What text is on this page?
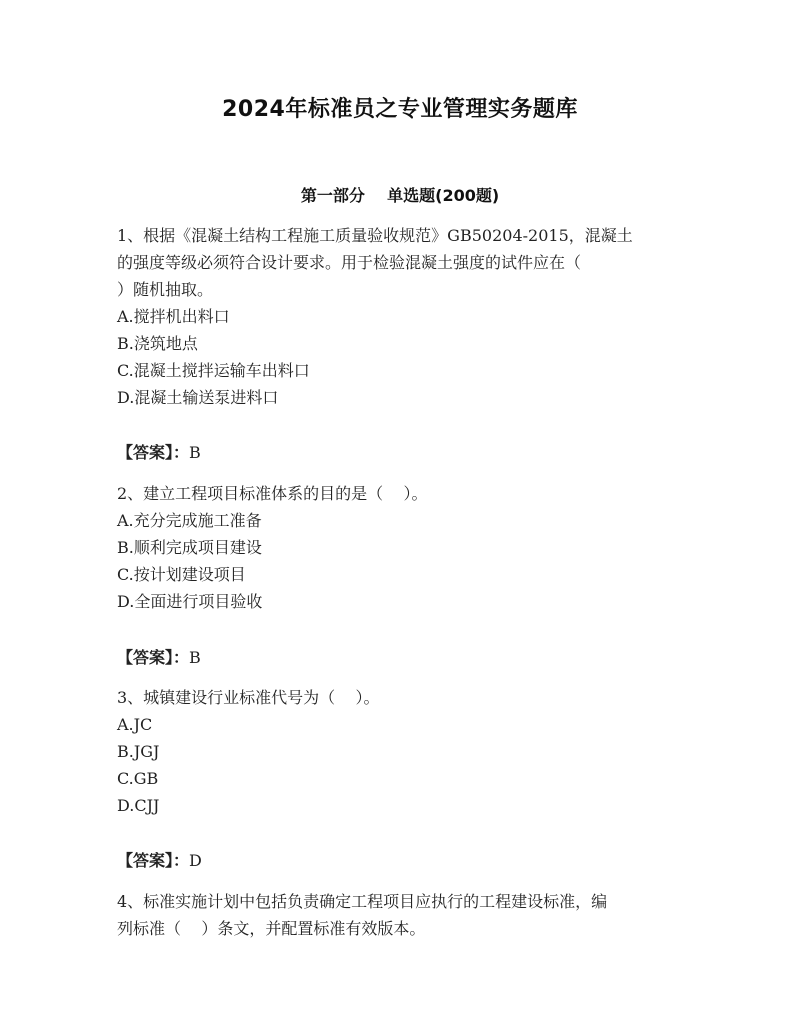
2024年标准员之专业管理实务题库
第一部分    单选题(200题)
1、根据《混凝土结构工程施工质量验收规范》GB50204-2015，混凝土
的强度等级必须符合设计要求。用于检验混凝土强度的试件应在（
）随机抽取。
A.搅拌机出料口
B.浇筑地点
C.混凝土搅拌运输车出料口
D.混凝土输送泵进料口
【答案】：B
2、建立工程项目标准体系的目的是（    ）。
A.充分完成施工准备
B.顺利完成项目建设
C.按计划建设项目
D.全面进行项目验收
【答案】：B
3、城镇建设行业标准代号为（    ）。
A.JC
B.JGJ
C.GB
D.CJJ
【答案】：D
4、标准实施计划中包括负责确定工程项目应执行的工程建设标准，编
列标准（    ）条文，并配置标准有效版本。
